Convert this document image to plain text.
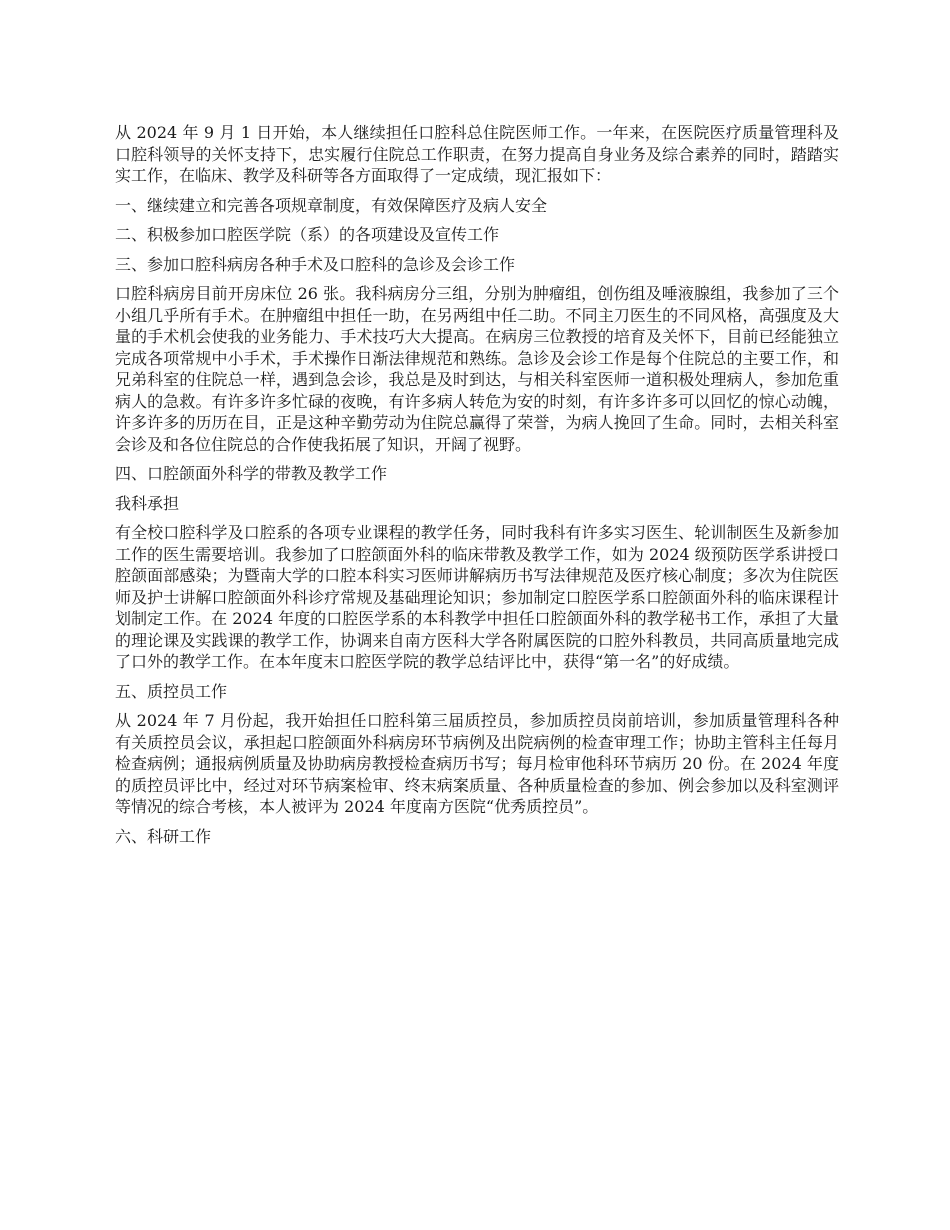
从 2024 年 9 月 1 日开始，本人继续担任口腔科总住院医师工作。一年来，在医院医疗质量管理科及口腔科领导的关怀支持下，忠实履行住院总工作职责，在努力提高自身业务及综合素养的同时，踏踏实实工作，在临床、教学及科研等各方面取得了一定成绩，现汇报如下：

一、继续建立和完善各项规章制度，有效保障医疗及病人安全

二、积极参加口腔医学院（系）的各项建设及宣传工作

三、参加口腔科病房各种手术及口腔科的急诊及会诊工作

口腔科病房目前开房床位 26 张。我科病房分三组，分别为肿瘤组，创伤组及唾液腺组，我参加了三个小组几乎所有手术。在肿瘤组中担任一助，在另两组中任二助。不同主刀医生的不同风格，高强度及大量的手术机会使我的业务能力、手术技巧大大提高。在病房三位教授的培育及关怀下，目前已经能独立完成各项常规中小手术，手术操作日渐法律规范和熟练。急诊及会诊工作是每个住院总的主要工作，和兄弟科室的住院总一样，遇到急会诊，我总是及时到达，与相关科室医师一道积极处理病人，参加危重病人的急救。有许多许多忙碌的夜晚，有许多病人转危为安的时刻，有许多许多可以回忆的惊心动魄，许多许多的历历在目，正是这种辛勤劳动为住院总赢得了荣誉，为病人挽回了生命。同时，去相关科室会诊及和各位住院总的合作使我拓展了知识，开阔了视野。

四、口腔颌面外科学的带教及教学工作

我科承担

有全校口腔科学及口腔系的各项专业课程的教学任务，同时我科有许多实习医生、轮训制医生及新参加工作的医生需要培训。我参加了口腔颌面外科的临床带教及教学工作，如为 2024 级预防医学系讲授口腔颌面部感染；为暨南大学的口腔本科实习医师讲解病历书写法律规范及医疗核心制度；多次为住院医师及护士讲解口腔颌面外科诊疗常规及基础理论知识；参加制定口腔医学系口腔颌面外科的临床课程计划制定工作。在 2024 年度的口腔医学系的本科教学中担任口腔颌面外科的教学秘书工作，承担了大量的理论课及实践课的教学工作，协调来自南方医科大学各附属医院的口腔外科教员，共同高质量地完成了口外的教学工作。在本年度末口腔医学院的教学总结评比中，获得“第一名”的好成绩。

五、质控员工作

从 2024 年 7 月份起，我开始担任口腔科第三届质控员，参加质控员岗前培训，参加质量管理科各种有关质控员会议，承担起口腔颌面外科病房环节病例及出院病例的检查审理工作；协助主管科主任每月检查病例；通报病例质量及协助病房教授检查病历书写；每月检审他科环节病历 20 份。在 2024 年度的质控员评比中，经过对环节病案检审、终末病案质量、各种质量检查的参加、例会参加以及科室测评等情况的综合考核，本人被评为 2024 年度南方医院“优秀质控员”。

六、科研工作
